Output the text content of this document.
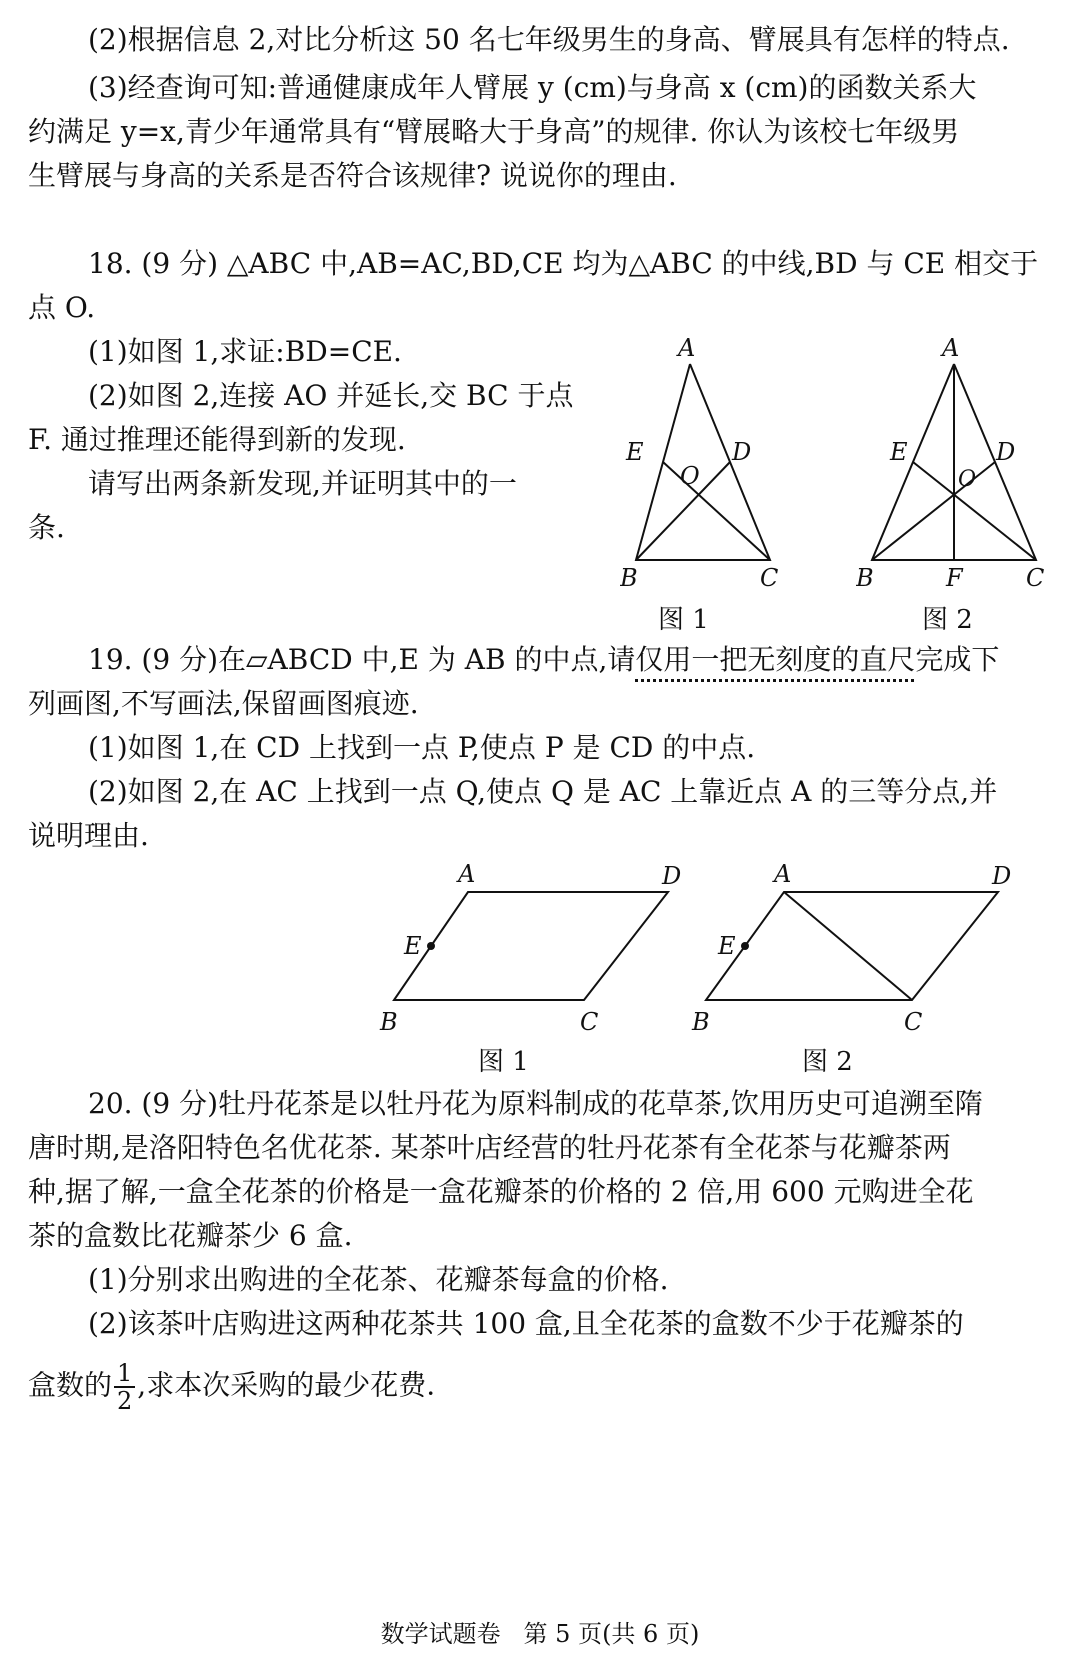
(2)根据信息 2,对比分析这 50 名七年级男生的身高、臂展具有怎样的特点.
(3)经查询可知:普通健康成年人臂展 y (cm)与身高 x (cm)的函数关系大
约满足 y=x,青少年通常具有“臂展略大于身高”的规律. 你认为该校七年级男
生臂展与身高的关系是否符合该规律? 说说你的理由.
18. (9 分) △ABC 中,AB=AC,BD,CE 均为△ABC 的中线,BD 与 CE 相交于
点 O.
(1)如图 1,求证:BD=CE.
(2)如图 2,连接 AO 并延长,交 BC 于点
F. 通过推理还能得到新的发现.
请写出两条新发现,并证明其中的一
条.
A
B	C
D
E
O
图 1
A
B	C
D
E
O
F
图 2
19. (9 分)在▱ABCD 中,E 为 AB 的中点,请仅用一把无刻度的直尺完成下
列画图,不写画法,保留画图痕迹.
(1)如图 1,在 CD 上找到一点 P,使点 P 是 CD 的中点.
(2)如图 2,在 AC 上找到一点 Q,使点 Q 是 AC 上靠近点 A 的三等分点,并
说明理由.
A	D
B	C
E
图 1
A	D
B	C
E
图 2
20. (9 分)牡丹花茶是以牡丹花为原料制成的花草茶,饮用历史可追溯至隋
唐时期,是洛阳特色名优花茶. 某茶叶店经营的牡丹花茶有全花茶与花瓣茶两
种,据了解,一盒全花茶的价格是一盒花瓣茶的价格的 2 倍,用 600 元购进全花
茶的盒数比花瓣茶少 6 盒.
(1)分别求出购进的全花茶、花瓣茶每盒的价格.
(2)该茶叶店购进这两种花茶共 100 盒,且全花茶的盒数不少于花瓣茶的
盒数的 $\frac{1}{2}$ ,求本次采购的最少花费.
数学试题卷   第 5 页(共 6 页)
